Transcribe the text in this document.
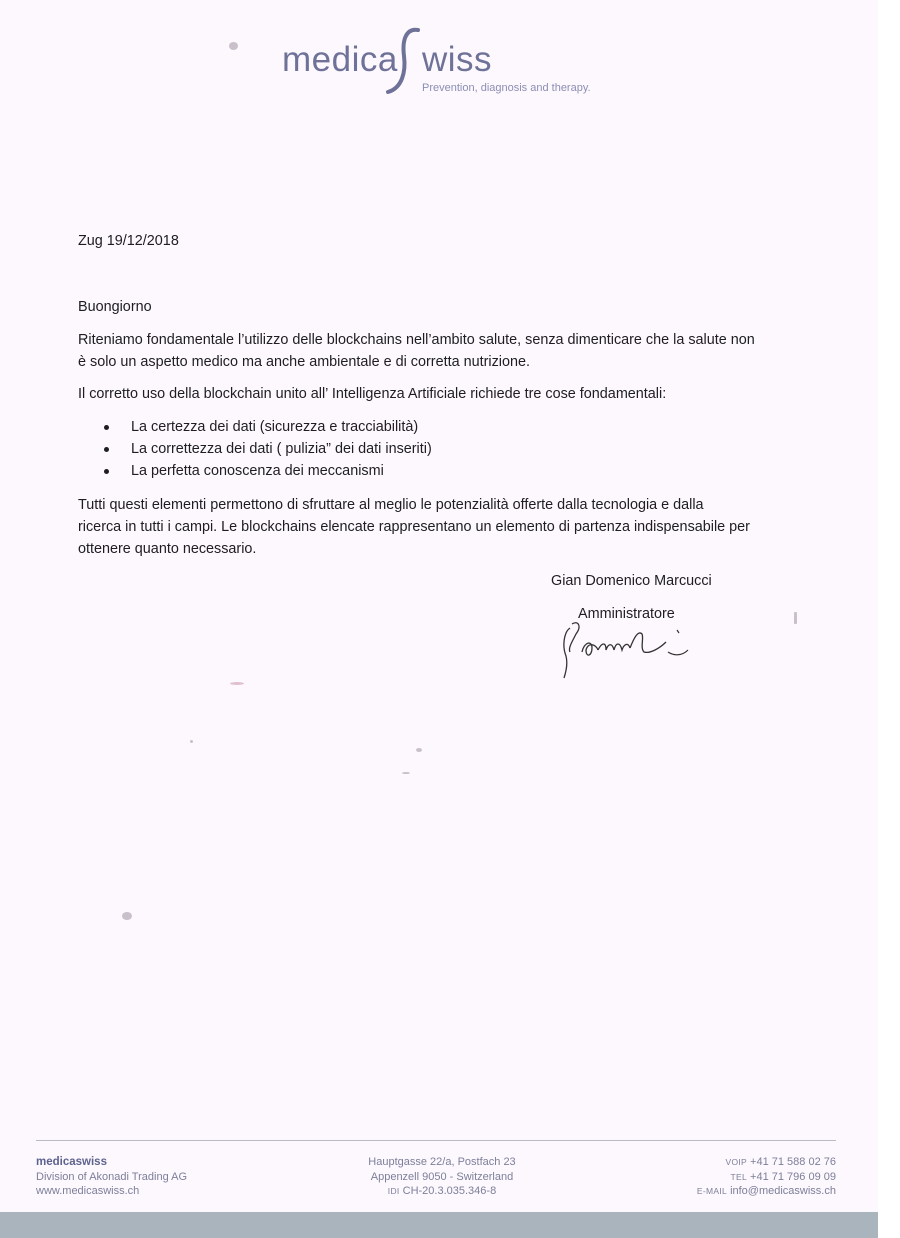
medica wiss
Prevention, diagnosis and therapy.
Zug 19/12/2018
Buongiorno
Riteniamo fondamentale l’utilizzo delle blockchains nell’ambito salute, senza dimenticare che la salute non
è solo un aspetto medico ma anche ambientale e di corretta nutrizione.
Il corretto uso della blockchain unito all’ Intelligenza Artificiale richiede tre cose fondamentali:
La certezza dei dati (sicurezza e tracciabilità)
La correttezza dei dati ( pulizia” dei dati inseriti)
La perfetta conoscenza dei meccanismi
Tutti questi elementi permettono di sfruttare al meglio le potenzialità offerte dalla tecnologia e dalla
ricerca in tutti i campi. Le blockchains elencate rappresentano un elemento di partenza indispensabile per
ottenere quanto necessario.
Gian Domenico Marcucci
Amministratore
medicaswiss
Division of Akonadi Trading AG
www.medicaswiss.ch
Hauptgasse 22/a, Postfach 23
Appenzell 9050 - Switzerland
IDI CH-20.3.035.346-8
VOIP +41 71 588 02 76
TEL +41 71 796 09 09
E-MAIL info@medicaswiss.ch
